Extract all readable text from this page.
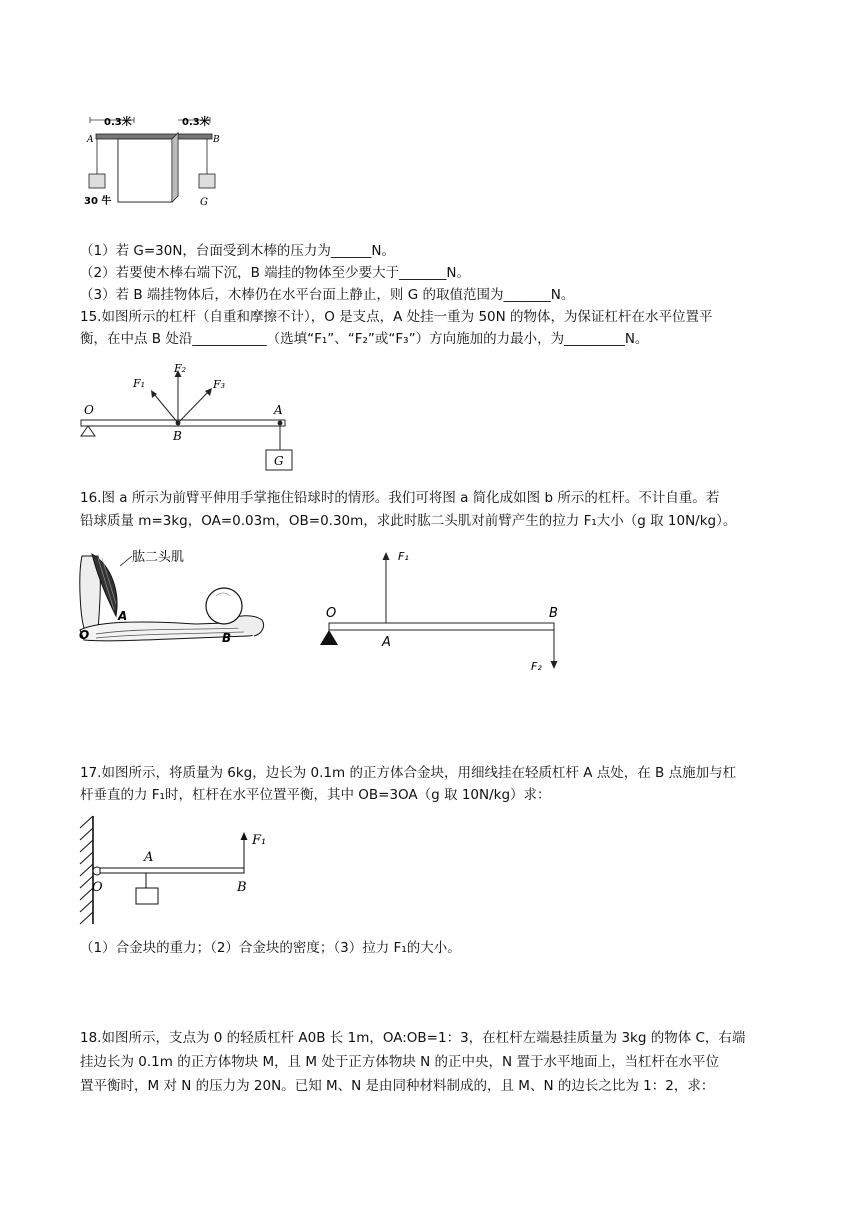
0.3米	0.3米
A	B
30 牛	G
（1）若 G=30N，台面受到木棒的压力为______N。
（2）若要使木棒右端下沉，B 端挂的物体至少要大于_______N。
（3）若 B 端挂物体后，木棒仍在水平台面上静止，则 G 的取值范围为_______N。
15.如图所示的杠杆（自重和摩擦不计），O 是支点，A 处挂一重为 50N 的物体，为保证杠杆在水平位置平
衡，在中点 B 处沿___________（选填“F₁”、“F₂”或“F₃”）方向施加的力最小，为_________N。
O	A
B
F₂
F₁	F₃
G
16.图 a 所示为前臂平伸用手掌拖住铅球时的情形。我们可将图 a 简化成如图 b 所示的杠杆。不计自重。若
铅球质量 m=3kg，OA=0.03m，OB=0.30m，求此时肱二头肌对前臂产生的拉力 F₁大小（g 取 10N/kg）。
肱二头肌
A
O	B
F₁
F₂
O
A
B
17.如图所示，将质量为 6kg，边长为 0.1m 的正方体合金块，用细线挂在轻质杠杆 A 点处，在 B 点施加与杠
杆垂直的力 F₁时，杠杆在水平位置平衡，其中 OB=3OA（g 取 10N/kg）求：
F₁
A
O	B
（1）合金块的重力；（2）合金块的密度；（3）拉力 F₁的大小。
18.如图所示，支点为 0 的轻质杠杆 A0B 长 1m，OA:OB=1：3，在杠杆左端悬挂质量为 3kg 的物体 C，右端
挂边长为 0.1m 的正方体物块 M，且 M 处于正方体物块 N 的正中央，N 置于水平地面上，当杠杆在水平位
置平衡时，M 对 N 的压力为 20N。已知 M、N 是由同种材料制成的，且 M、N 的边长之比为 1：2，求：
